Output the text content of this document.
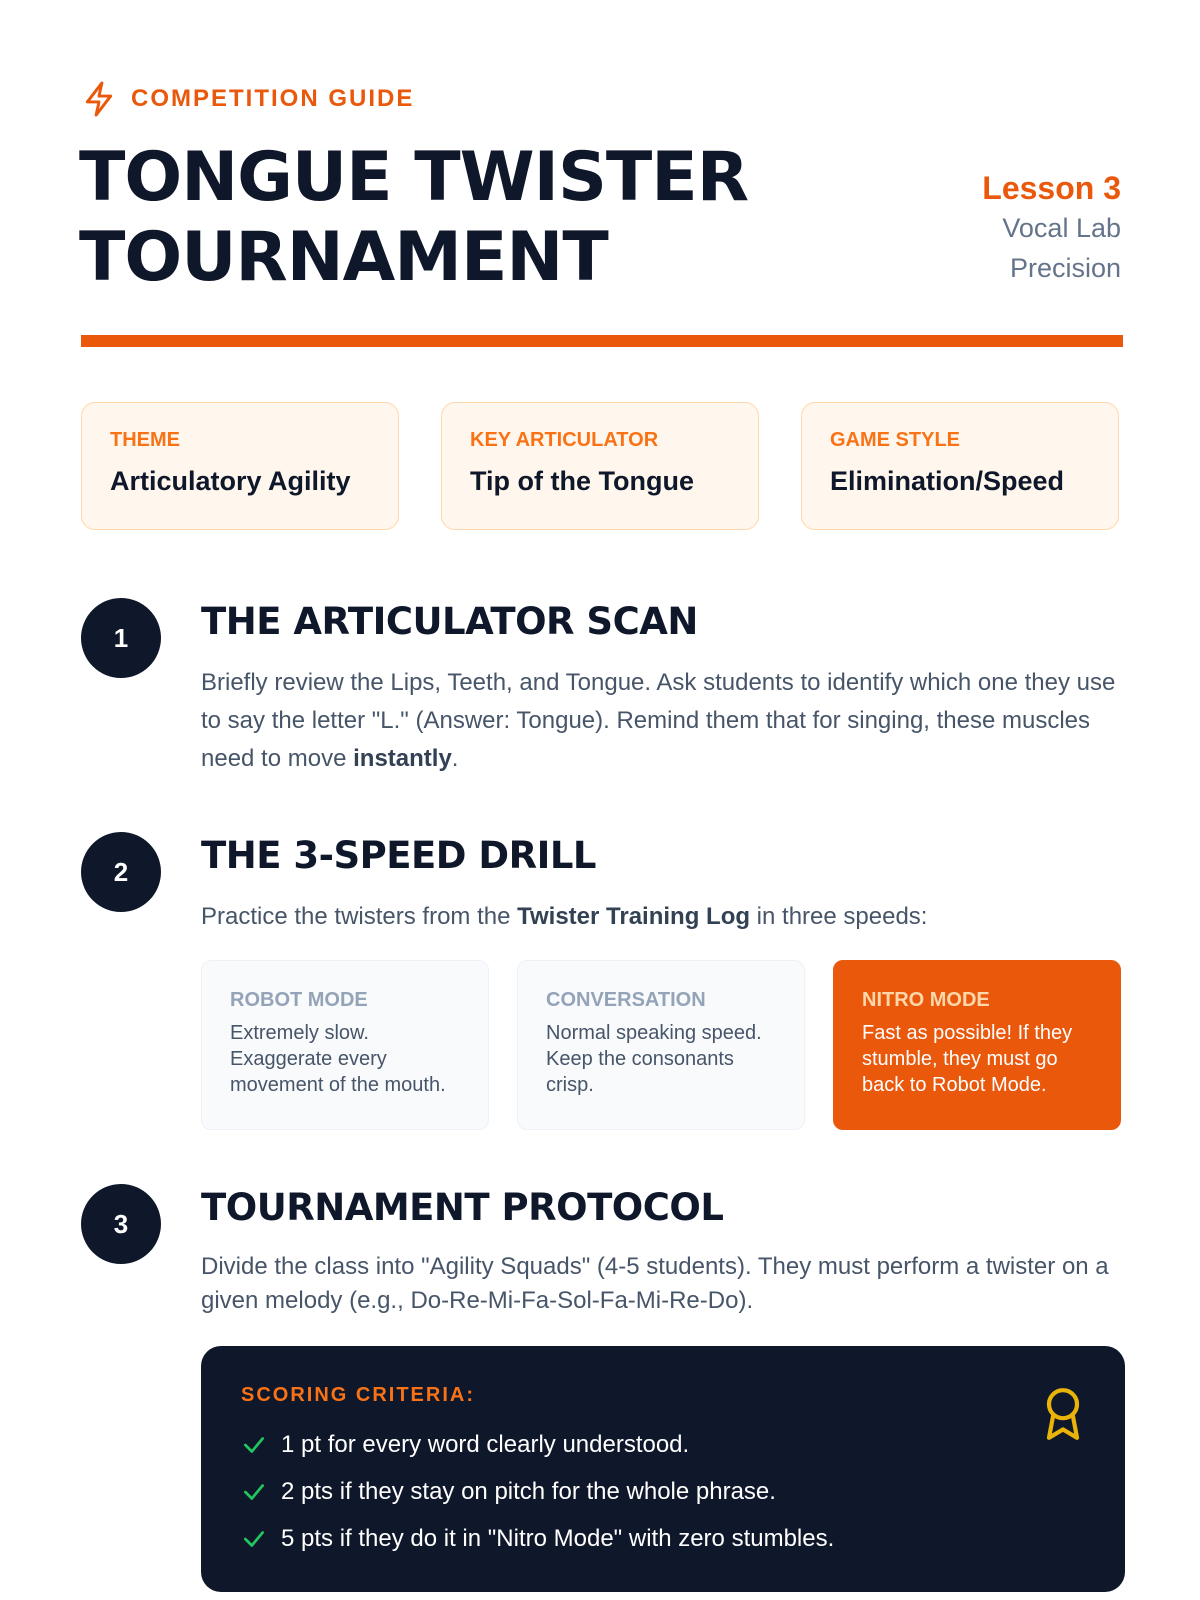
COMPETITION GUIDE
TONGUE TWISTER
TOURNAMENT
Lesson 3
Vocal Lab
Precision
THEME
Articulatory Agility
KEY ARTICULATOR
Tip of the Tongue
GAME STYLE
Elimination/Speed
1	THE ARTICULATOR SCAN

Briefly review the Lips, Teeth, and Tongue. Ask students to identify which one they use to say the letter "L." (Answer: Tongue). Remind them that for singing, these muscles need to move instantly.

2	THE 3-SPEED DRILL

Practice the twisters from the Twister Training Log in three speeds:

ROBOT MODE
Extremely slow. Exaggerate every movement of the mouth.
CONVERSATION
Normal speaking speed. Keep the consonants crisp.
NITRO MODE
Fast as possible! If they stumble, they must go back to Robot Mode.
3	TOURNAMENT PROTOCOL

Divide the class into "Agility Squads" (4-5 students). They must perform a twister on a given melody (e.g., Do-Re-Mi-Fa-Sol-Fa-Mi-Re-Do).

SCORING CRITERIA:
1 pt for every word clearly understood.
2 pts if they stay on pitch for the whole phrase.
5 pts if they do it in "Nitro Mode" with zero stumbles.
